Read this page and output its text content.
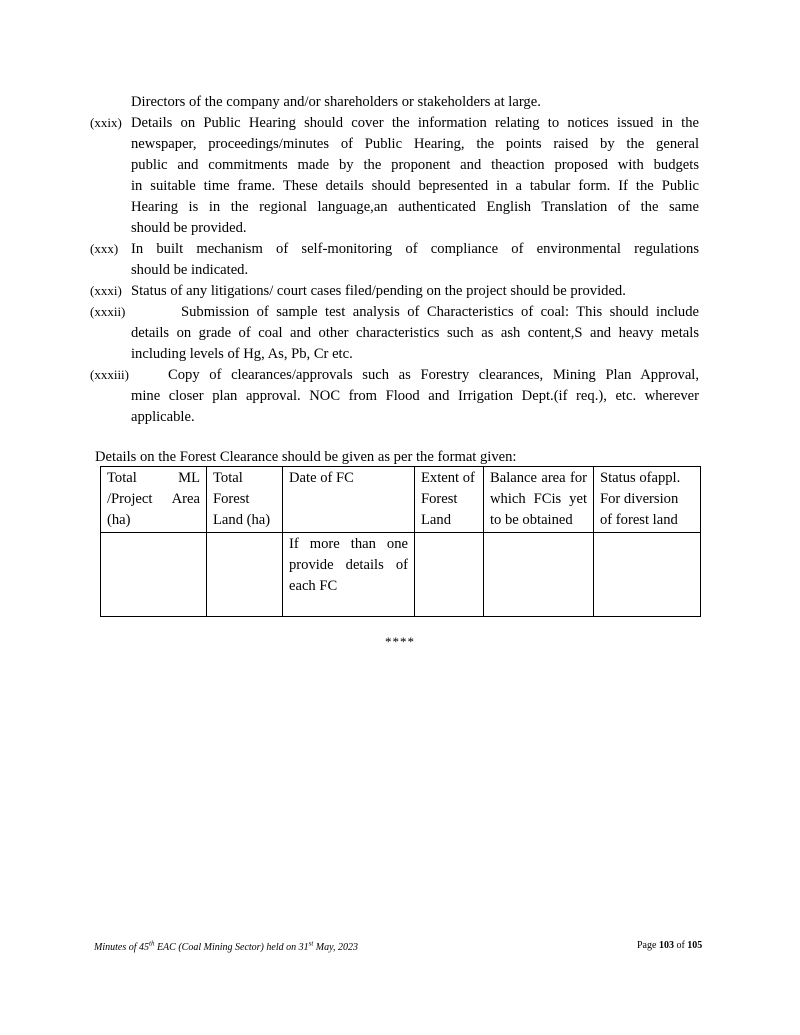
Directors of the company and/or shareholders or stakeholders at large.
(xxix) Details on Public Hearing should cover the information relating to notices issued in the
newspaper, proceedings/minutes of Public Hearing, the points raised by the general
public and commitments made by the proponent and theaction proposed with budgets
in suitable time frame. These details should bepresented in a tabular form. If the Public
Hearing is in the regional language,an authenticated English Translation of the same
should be provided.
(xxx) In built mechanism of self-monitoring of compliance of environmental regulations
should be indicated.
(xxxi) Status of any litigations/ court cases filed/pending on the project should be provided.
(xxxii)	Submission of sample test analysis of Characteristics of coal: This should include
details on grade of coal and other characteristics such as ash content,S and heavy metals
including levels of Hg, As, Pb, Cr etc.
(xxxiii)	Copy of clearances/approvals such as Forestry clearances, Mining Plan Approval,
mine closer plan approval. NOC from Flood and Irrigation Dept.(if req.), etc. wherever
applicable.
Details on the Forest Clearance should be given as per the format given:
Total ML /Project Area (ha)	Total Forest Land (ha)	Date of FC	Extent of Forest Land	Balance area for which FCis yet to be obtained	Status ofappl. For diversion of forest land
		If more than one provide details of each FC			
****
Minutes of 45th EAC (Coal Mining Sector) held on 31st May, 2023	Page 103 of 105
